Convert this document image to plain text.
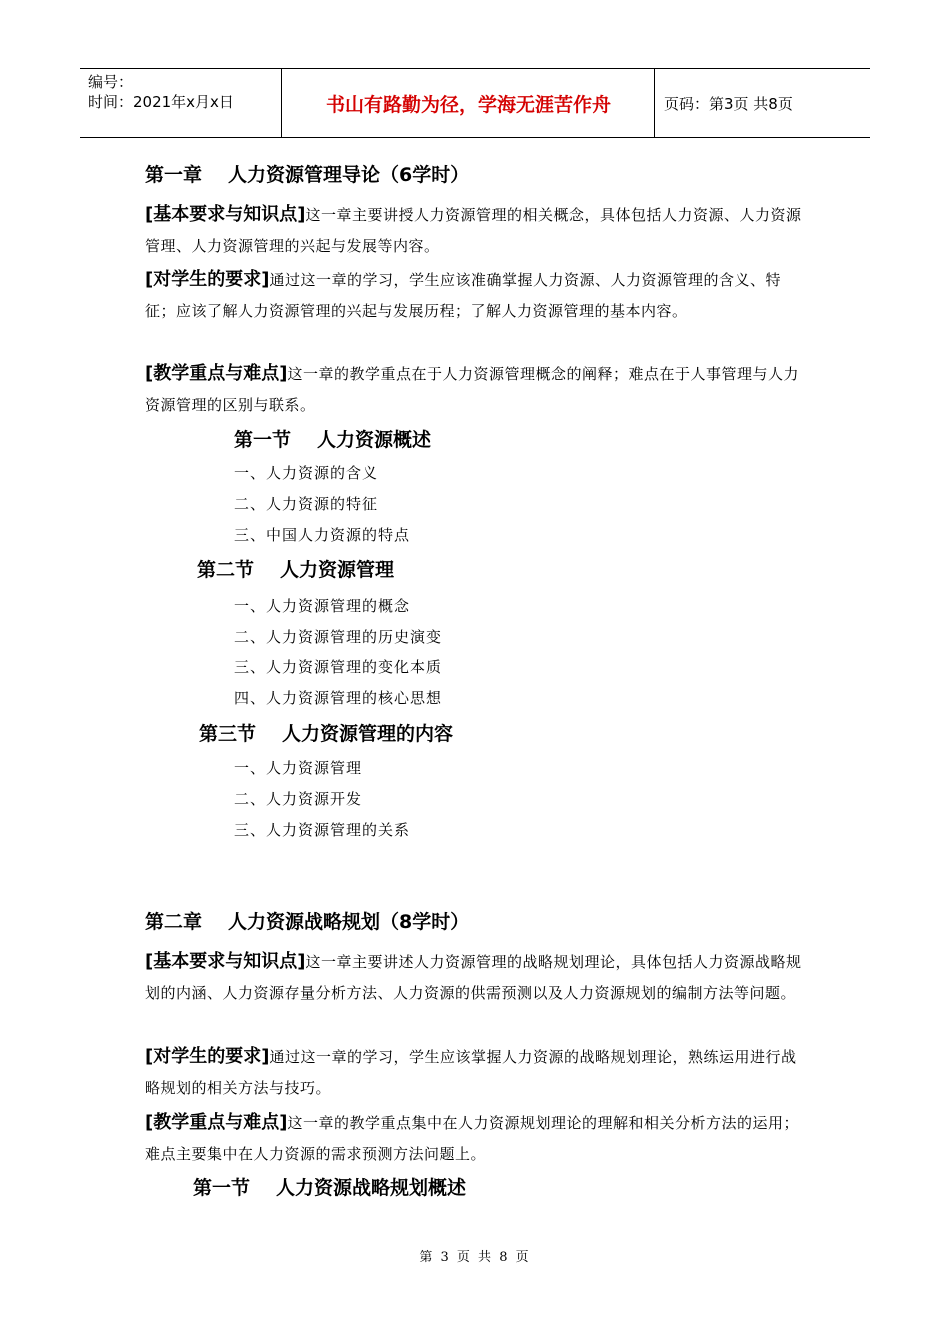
编号：
时间：2021年x月x日	书山有路勤为径，学海无涯苦作舟	页码：第3页 共8页
第一章 人力资源管理导论（6学时）
[基本要求与知识点]这一章主要讲授人力资源管理的相关概念，具体包括人力资源、人力资源管理、人力资源管理的兴起与发展等内容。
[对学生的要求]通过这一章的学习，学生应该准确掌握人力资源、人力资源管理的含义、特征；应该了解人力资源管理的兴起与发展历程；了解人力资源管理的基本内容。
[教学重点与难点]这一章的教学重点在于人力资源管理概念的阐释；难点在于人事管理与人力资源管理的区别与联系。
第一节 人力资源概述
一、人力资源的含义
二、人力资源的特征
三、中国人力资源的特点
第二节 人力资源管理
一、人力资源管理的概念
二、人力资源管理的历史演变
三、人力资源管理的变化本质
四、人力资源管理的核心思想
第三节 人力资源管理的内容
一、人力资源管理
二、人力资源开发
三、人力资源管理的关系
第二章 人力资源战略规划（8学时）
[基本要求与知识点]这一章主要讲述人力资源管理的战略规划理论，具体包括人力资源战略规划的内涵、人力资源存量分析方法、人力资源的供需预测以及人力资源规划的编制方法等问题。
[对学生的要求]通过这一章的学习，学生应该掌握人力资源的战略规划理论，熟练运用进行战略规划的相关方法与技巧。
[教学重点与难点]这一章的教学重点集中在人力资源规划理论的理解和相关分析方法的运用；难点主要集中在人力资源的需求预测方法问题上。
第一节 人力资源战略规划概述
第 3 页 共 8 页
